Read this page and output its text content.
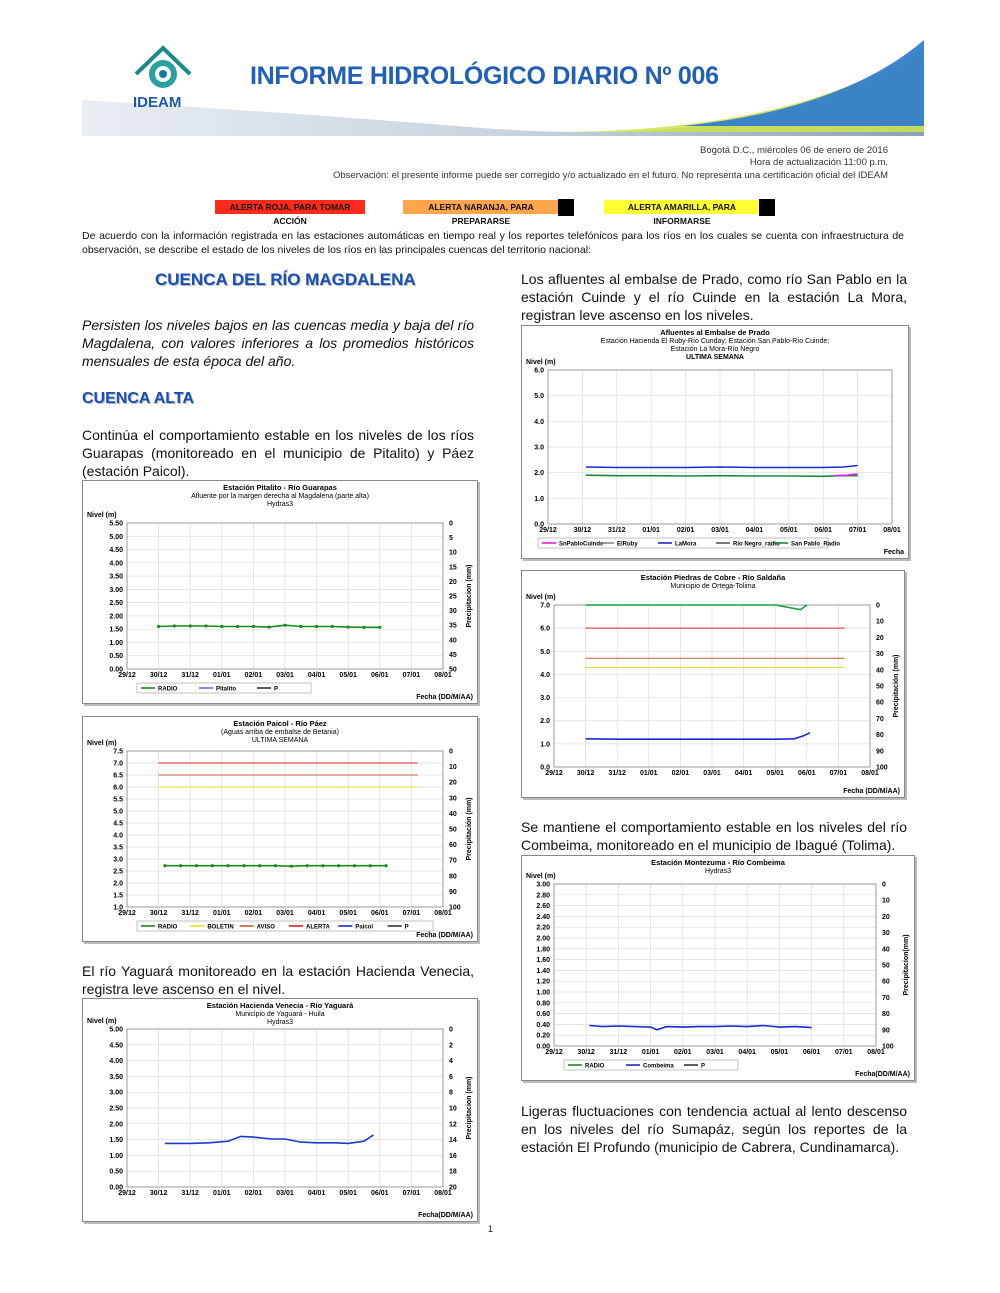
IDEAM
INFORME HIDROLÓGICO DIARIO Nº 006
Bogotá D.C., miércoles 06 de enero de 2016
Hora de actualización 11:00 p.m.
Observación: el presente informe puede ser corregido y/o actualizado en el futuro. No representa una certificación oficial del IDEAM
ALERTA ROJA, PARA TOMAR ACCIÓN
ALERTA NARANJA, PARA PREPARARSE
ALERTA AMARILLA, PARA INFORMARSE
De acuerdo con la información registrada en las estaciones automáticas en tiempo real y los reportes telefónicos para los ríos en los cuales se cuenta con infraestructura de observación, se describe el estado de los niveles de los ríos en las principales cuencas del territorio nacional:
CUENCA DEL RÍO MAGDALENA
Persisten los niveles bajos en las cuencas media y baja del río Magdalena, con valores inferiores a los promedios históricos mensuales de esta época del año.
CUENCA ALTA
Continúa el comportamiento estable en los niveles de los ríos Guarapas (monitoreado en el municipio de Pitalito) y Páez (estación Paicol).
Estación Pitalito - Río Guarapas
Afluente por la margen derecha al Magdalena (parte alta)
Hydras3
Nivel (m)
Precipitacion (mm)
5.50
5.00
4.50
4.00
3.50
3.00
2.50
2.00
1.50
1.00
0.50
0.00
0
5
10
15
20
25
30
35
40
45
50
29/12 30/12 31/12 01/01 02/01 03/01 04/01 05/01 06/01 07/01 08/01
RADIO	Pitalito	P
Fecha (DD/M/AA)
Estación Paicol - Río Páez
(Aguas arriba de embalse de Betania)
ULTIMA SEMANA
Nivel (m)
Precipitación (mm)
7.5
7.0
6.5
6.0
5.5
5.0
4.5
4.0
3.5
3.0
2.5
2.0
1.5
1.0
0
10
20
30
40
50
60
70
80
90
100
29/12 30/12 31/12 01/01 02/01 03/01 04/01 05/01 06/01 07/01 08/01
RADIO	BOLETIN	AVISO	ALERTA	Paicol	P
Fecha (DD/M/AA)
El río Yaguará monitoreado en la estación Hacienda Venecia, registra leve ascenso en el nivel.
Estación Hacienda Venecia - Río Yaguará
Municipio de Yaguará - Huila
Hydras3
Nivel (m)
Precipitacion (mm)
5.00
4.50
4.00
3.50
3.00
2.50
2.00
1.50
1.00
0.50
0.00
0
2
4
6
8
10
12
14
16
18
20
29/12 30/12 31/12 01/01 02/01 03/01 04/01 05/01 06/01 07/01 08/01
Fecha(DD/M/AA)
Los afluentes al embalse de Prado, como río San Pablo en la estación Cuinde y el río Cuinde en la estación La Mora, registran leve ascenso en los niveles.
Afluentes al Embalse de Prado
Estación Hacienda El Ruby-Río Cunday; Estación San Pablo-Río Cuinde;
Estación La Mora-Río Negro
ULTIMA SEMANA
Nivel (m)
6.0
5.0
4.0
3.0
2.0
1.0
0.0
29/12 30/12 31/12 01/01 02/01 03/01 04/01 05/01 06/01 07/01 08/01
SnPabloCuinde ElRuby	LaMora	Río Negro_radio San Pablo_Radio
Fecha
Estación Piedras de Cobre - Río Saldaña
Municipio de Ortega-Tolima
Nivel (m)
Precipitación (mm)
7.0
6.0
5.0
4.0
3.0
2.0
1.0
0.0
0
10
20
30
40
50
60
70
80
90
100
29/12 30/12 31/12 01/01 02/01 03/01 04/01 05/01 06/01 07/01 08/01
Fecha (DD/M/AA)
Se mantiene el comportamiento estable en los niveles del río Combeima, monitoreado en el municipio de Ibagué (Tolima).
Estación Montezuma - Río Combeima
Hydras3
Nivel (m)
Precipitacion(mm)
3.00
2.80
2.60
2.40
2.20
2.00
1.80
1.60
1.40
1.20
1.00
0.80
0.60
0.40
0.20
0.00
0
10
20
30
40
50
60
70
80
90
100
29/12 30/12 31/12 01/01 02/01 03/01 04/01 05/01 06/01 07/01 08/01
RADIO	Combeima	P
Fecha(DD/M/AA)
Ligeras fluctuaciones con tendencia actual al lento descenso en los niveles del río Sumapáz, según los reportes de la estación El Profundo (municipio de Cabrera, Cundinamarca).
1
